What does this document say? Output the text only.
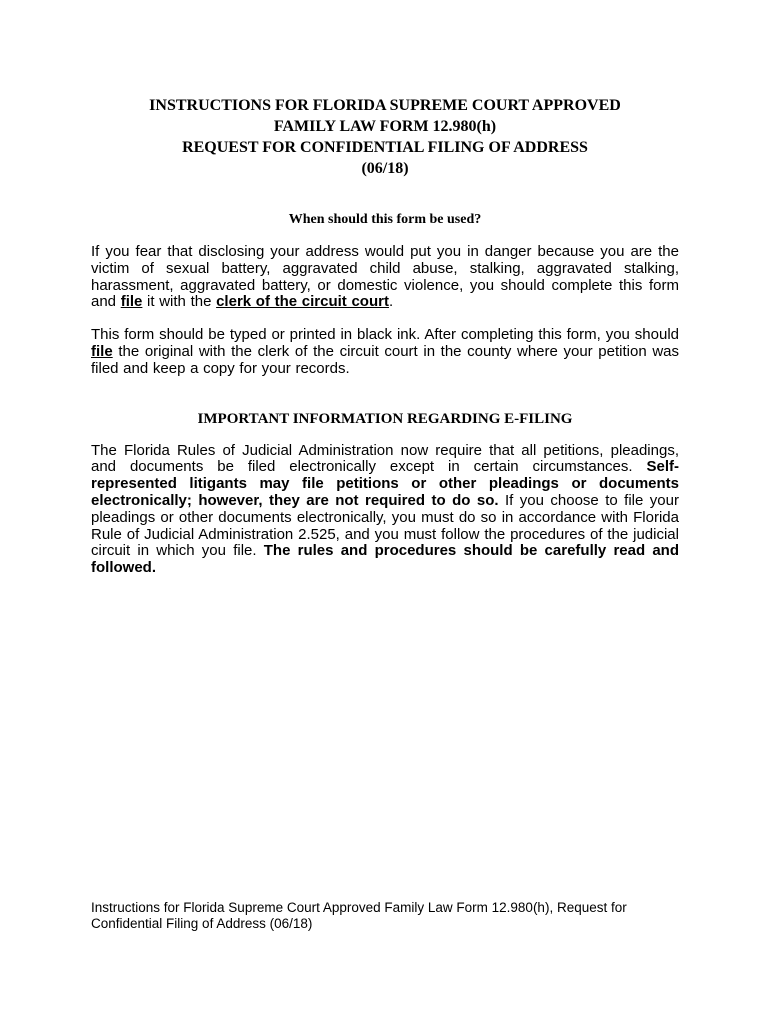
INSTRUCTIONS FOR FLORIDA SUPREME COURT APPROVED
FAMILY LAW FORM 12.980(h)
REQUEST FOR CONFIDENTIAL FILING OF ADDRESS
(06/18)
When should this form be used?

If you fear that disclosing your address would put you in danger because you are the victim of sexual battery, aggravated child abuse, stalking, aggravated stalking, harassment, aggravated battery, or domestic violence, you should complete this form and file it with the clerk of the circuit court.

This form should be typed or printed in black ink. After completing this form, you should file the original with the clerk of the circuit court in the county where your petition was filed and keep a copy for your records.

IMPORTANT INFORMATION REGARDING E-FILING

The Florida Rules of Judicial Administration now require that all petitions, pleadings, and documents be filed electronically except in certain circumstances. Self-represented litigants may file petitions or other pleadings or documents electronically; however, they are not required to do so. If you choose to file your pleadings or other documents electronically, you must do so in accordance with Florida Rule of Judicial Administration 2.525, and you must follow the procedures of the judicial circuit in which you file. The rules and procedures should be carefully read and followed.

Instructions for Florida Supreme Court Approved Family Law Form 12.980(h), Request for Confidential Filing of Address (06/18)
